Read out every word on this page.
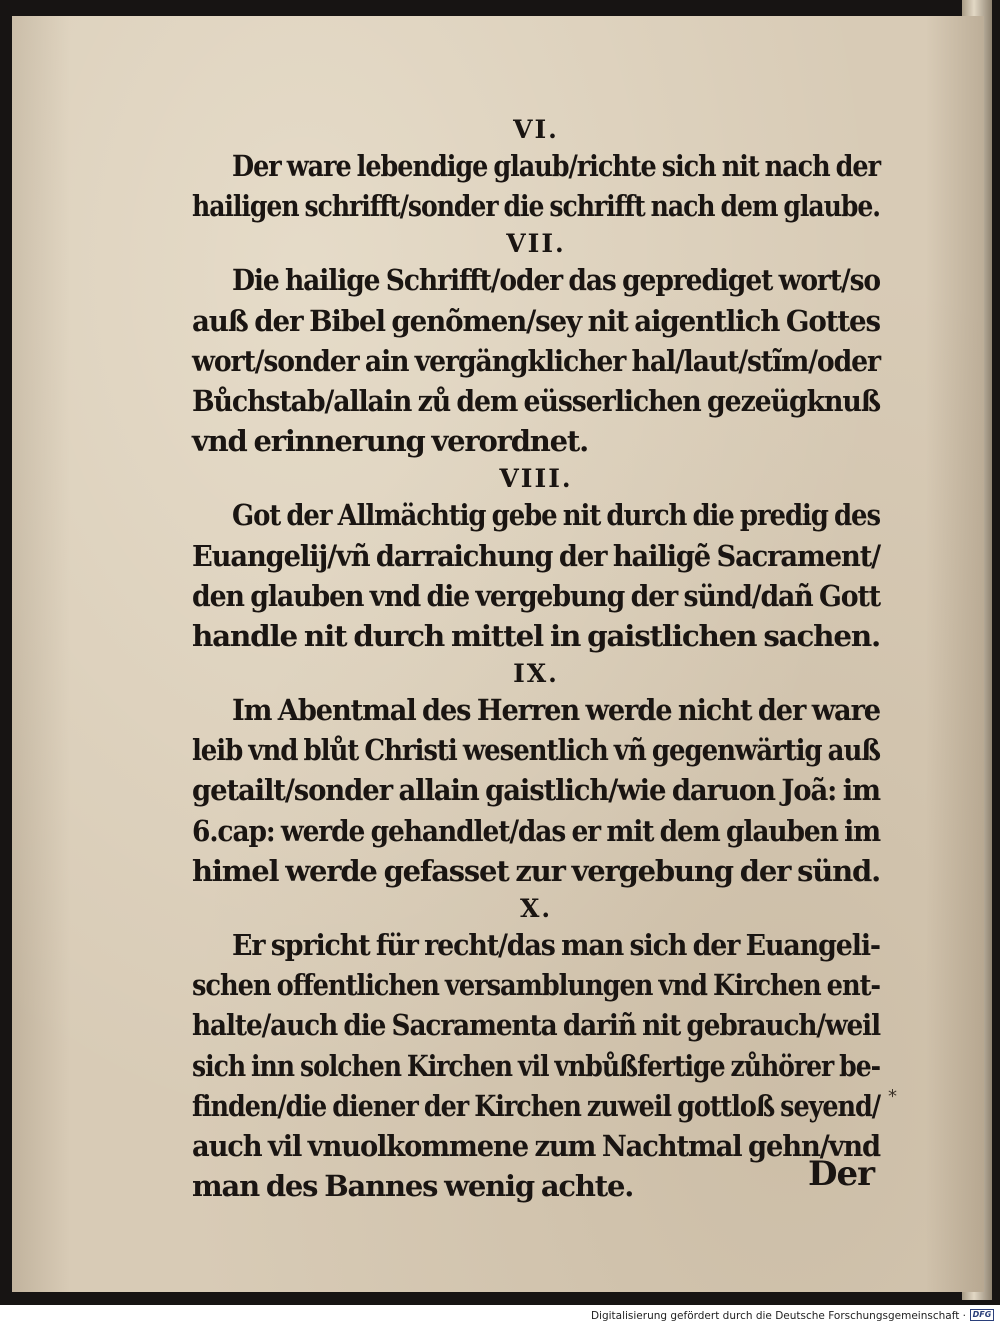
VI.
Der ware lebendige glaub/richte sich nit nach der
hailigen schrifft/sonder die schrifft nach dem glaube.
VII.
Die hailige Schrifft/oder das geprediget wort/so
auß der Bibel genõmen/sey nit aigentlich Gottes
wort/sonder ain vergängklicher hal/laut/stĩm/oder
Bůchstab/allain zů dem eüsserlichen gezeügknuß
vnd erinnerung verordnet.
VIII.
Got der Allmächtig gebe nit durch die predig des
Euangelij/vñ darraichung der hailigẽ Sacrament/
den glauben vnd die vergebung der sünd/dañ Gott
handle nit durch mittel in gaistlichen sachen.
IX.
Im Abentmal des Herren werde nicht der ware
leib vnd blůt Christi wesentlich vñ gegenwärtig auß
getailt/sonder allain gaistlich/wie daruon Joã: im
6.cap: werde gehandlet/das er mit dem glauben im
himel werde gefasset zur vergebung der sünd.
X.
Er spricht für recht/das man sich der Euangeli-
schen offentlichen versamblungen vnd Kirchen ent-
halte/auch die Sacramenta dariñ nit gebrauch/weil
sich inn solchen Kirchen vil vnbůßfertige zůhörer be-
finden/die diener der Kirchen zuweil gottloß seyend/
auch vil vnuolkommene zum Nachtmal gehn/vnd
man des Bannes wenig achte.
*
Der
Digitalisierung gefördert durch die Deutsche Forschungsgemeinschaft · DFG
